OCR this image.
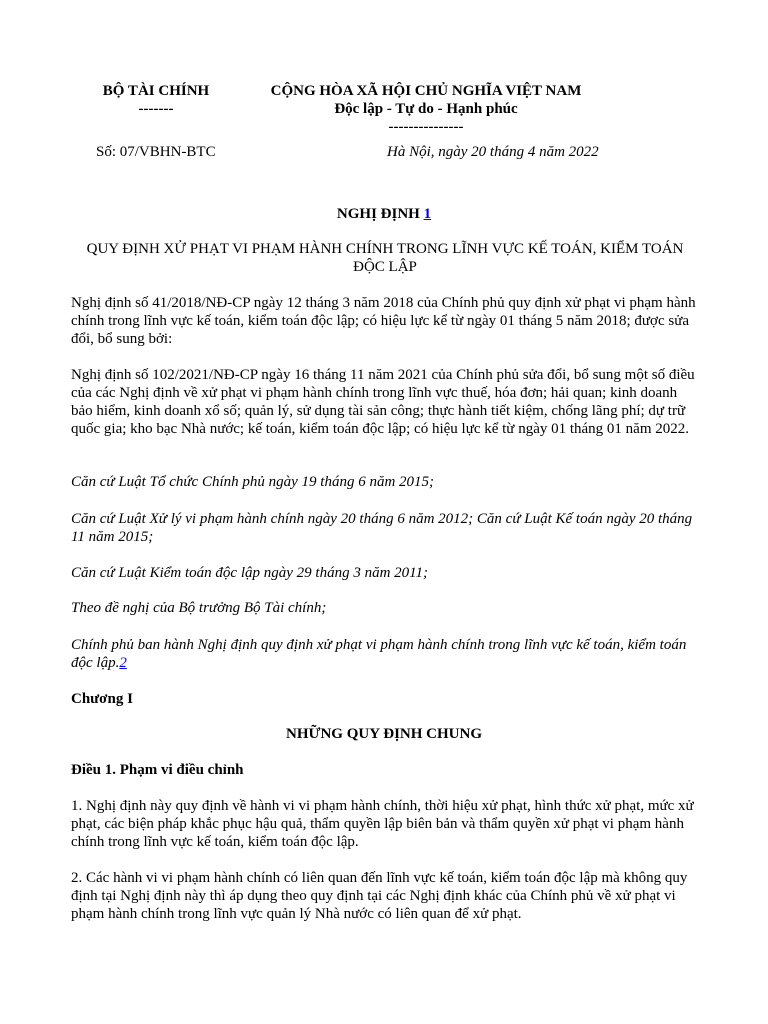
BỘ TÀI CHÍNH
-------
CỘNG HÒA XÃ HỘI CHỦ NGHĨA VIỆT NAM
Độc lập - Tự do - Hạnh phúc
---------------
Số: 07/VBHN-BTC	Hà Nội, ngày 20 tháng 4 năm 2022
NGHỊ ĐỊNH 1
QUY ĐỊNH XỬ PHẠT VI PHẠM HÀNH CHÍNH TRONG LĨNH VỰC KẾ TOÁN, KIỂM TOÁN
ĐỘC LẬP
Nghị định số 41/2018/NĐ-CP ngày 12 tháng 3 năm 2018 của Chính phủ quy định xử phạt vi phạm hành chính trong lĩnh vực kế toán, kiểm toán độc lập; có hiệu lực kể từ ngày 01 tháng 5 năm 2018; được sửa đổi, bổ sung bởi:
Nghị định số 102/2021/NĐ-CP ngày 16 tháng 11 năm 2021 của Chính phủ sửa đổi, bổ sung một số điều của các Nghị định về xử phạt vi phạm hành chính trong lĩnh vực thuế, hóa đơn; hải quan; kinh doanh bảo hiểm, kinh doanh xổ số; quản lý, sử dụng tài sản công; thực hành tiết kiệm, chống lãng phí; dự trữ quốc gia; kho bạc Nhà nước; kế toán, kiểm toán độc lập; có hiệu lực kể từ ngày 01 tháng 01 năm 2022.
Căn cứ Luật Tổ chức Chính phủ ngày 19 tháng 6 năm 2015;
Căn cứ Luật Xử lý vi phạm hành chính ngày 20 tháng 6 năm 2012; Căn cứ Luật Kế toán ngày 20 tháng 11 năm 2015;
Căn cứ Luật Kiểm toán độc lập ngày 29 tháng 3 năm 2011;
Theo đề nghị của Bộ trưởng Bộ Tài chính;
Chính phủ ban hành Nghị định quy định xử phạt vi phạm hành chính trong lĩnh vực kế toán, kiểm toán độc lập.2
Chương I
NHỮNG QUY ĐỊNH CHUNG
Điều 1. Phạm vi điều chỉnh
1. Nghị định này quy định về hành vi vi phạm hành chính, thời hiệu xử phạt, hình thức xử phạt, mức xử phạt, các biện pháp khắc phục hậu quả, thẩm quyền lập biên bản và thẩm quyền xử phạt vi phạm hành chính trong lĩnh vực kế toán, kiểm toán độc lập.
2. Các hành vi vi phạm hành chính có liên quan đến lĩnh vực kế toán, kiểm toán độc lập mà không quy định tại Nghị định này thì áp dụng theo quy định tại các Nghị định khác của Chính phủ về xử phạt vi phạm hành chính trong lĩnh vực quản lý Nhà nước có liên quan để xử phạt.
